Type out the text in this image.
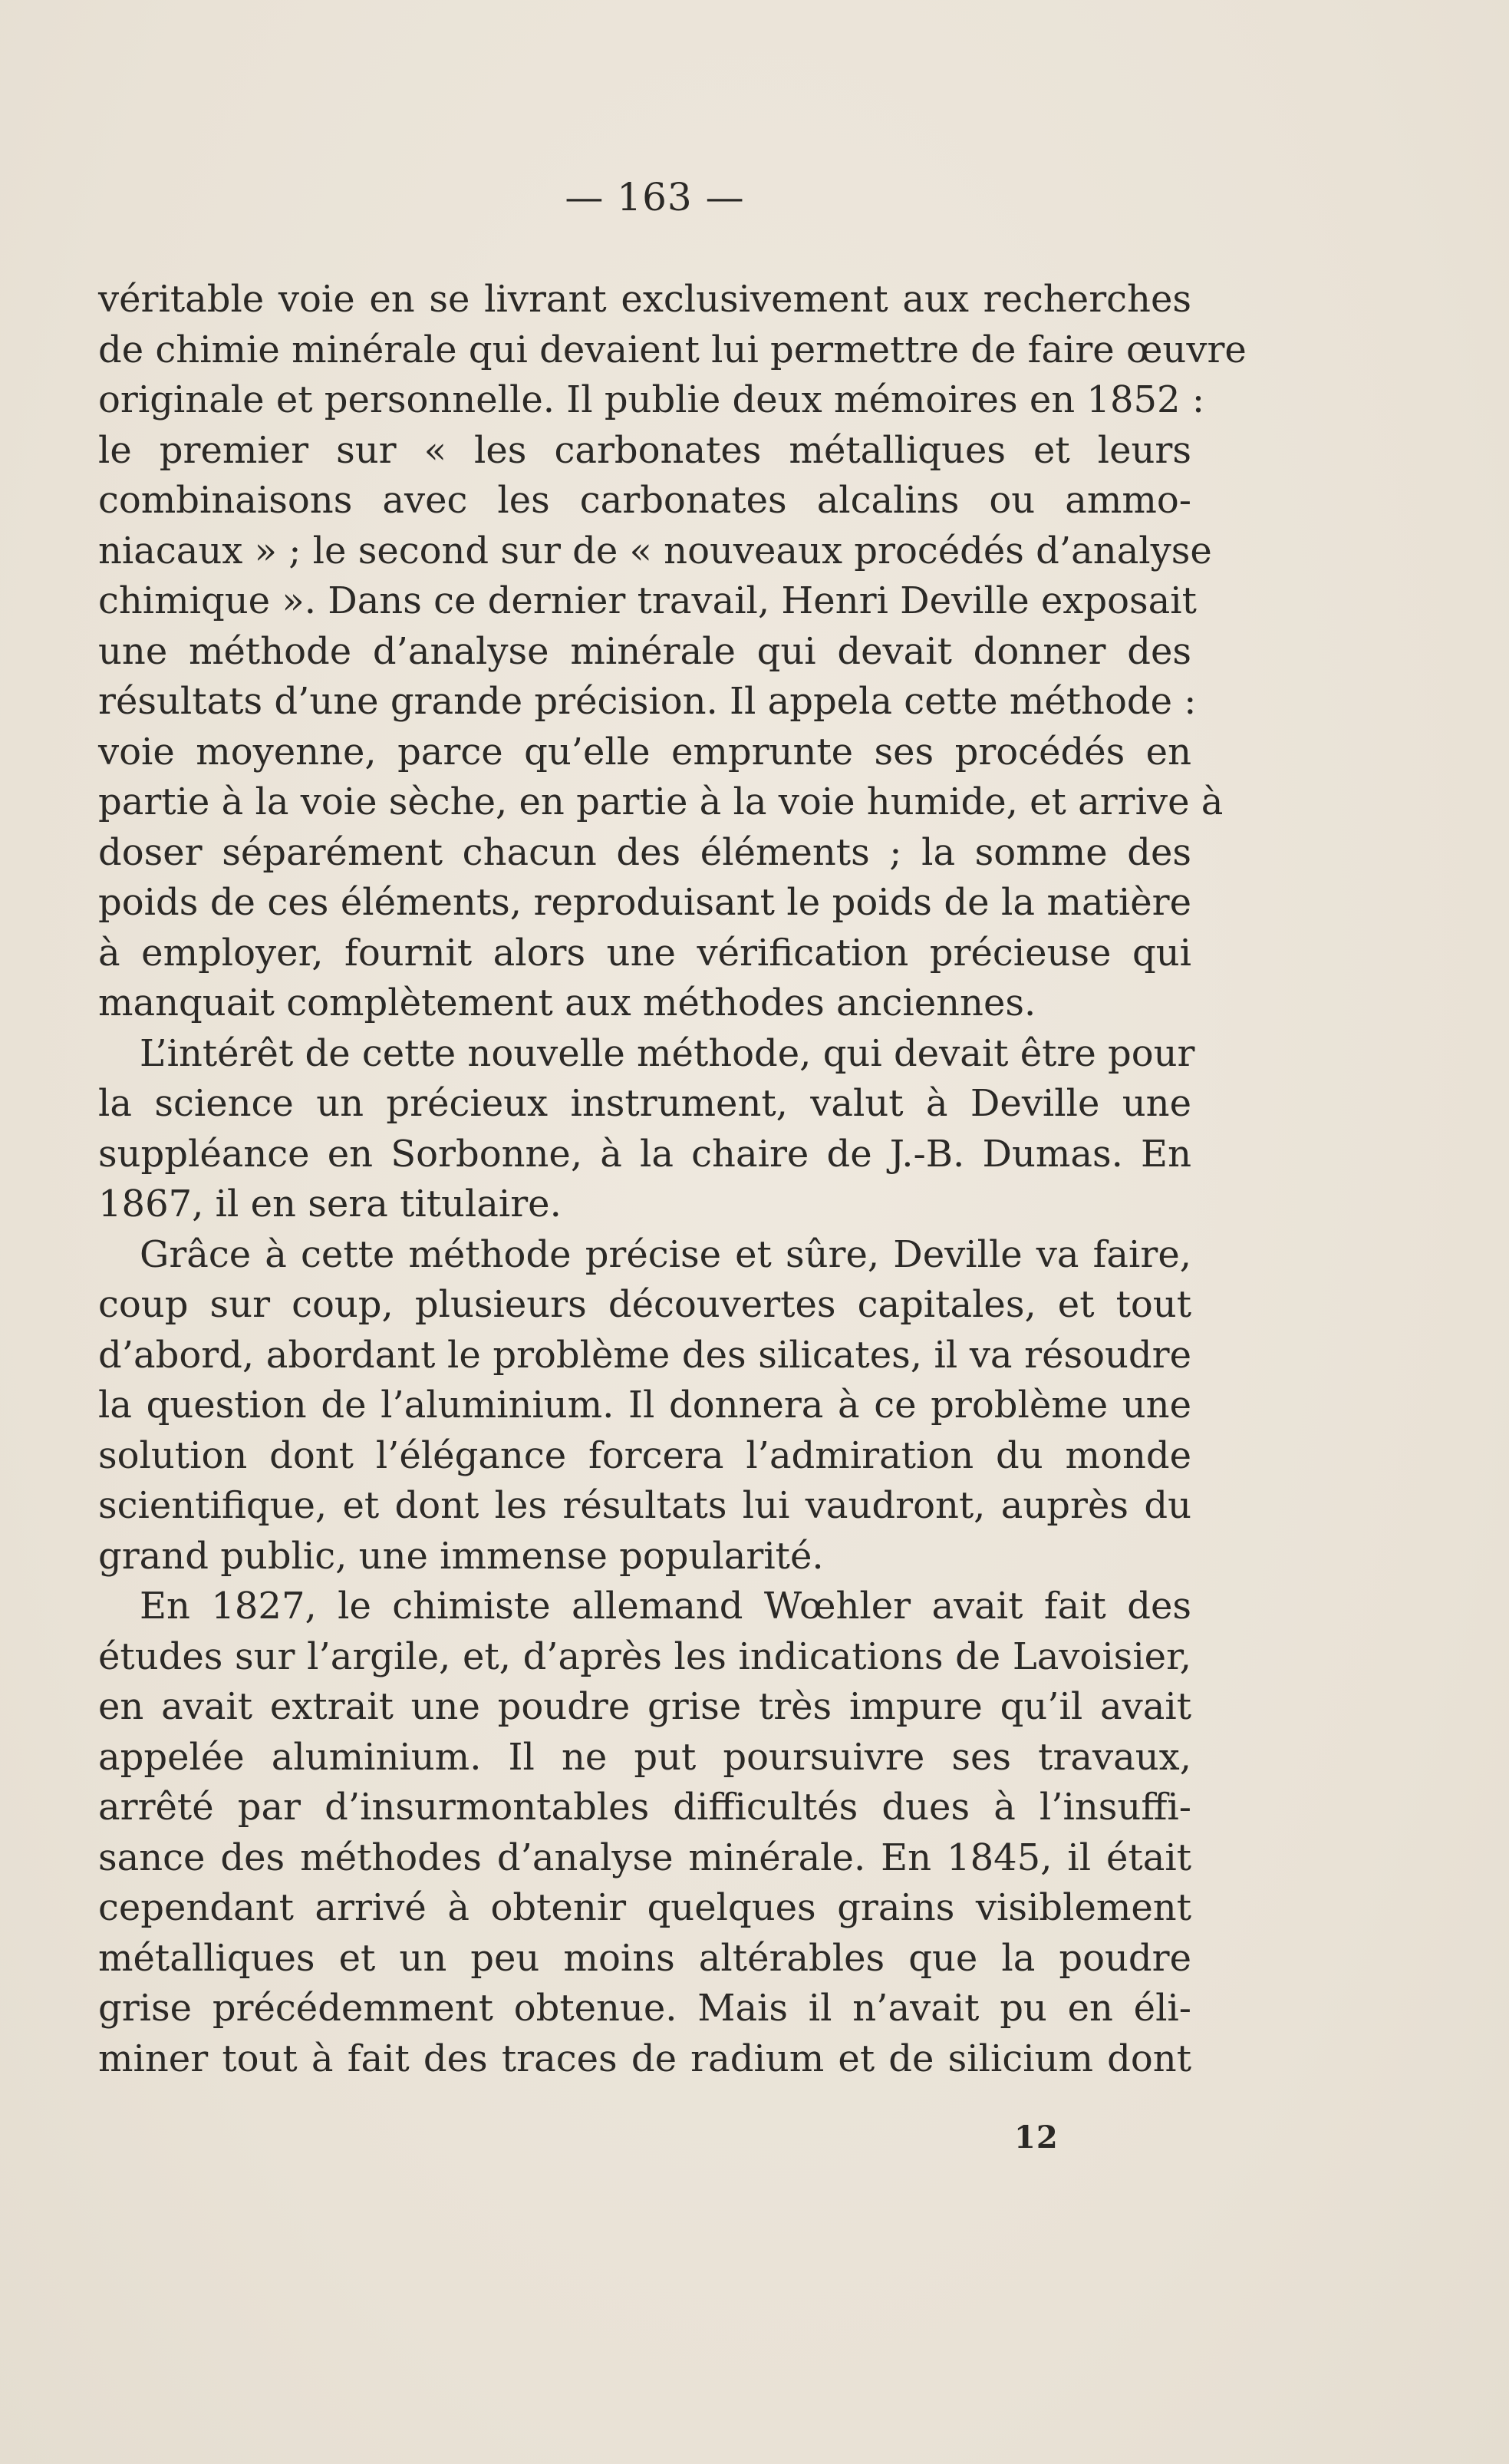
— 163 —
véritable voie en se livrant exclusivement aux recherches
de chimie minérale qui devaient lui permettre de faire œuvre
originale et personnelle. Il publie deux mémoires en 1852 :
le premier sur « les carbonates métalliques et leurs
combinaisons avec les carbonates alcalins ou ammo-
niacaux » ; le second sur de « nouveaux procédés d’analyse
chimique ». Dans ce dernier travail, Henri Deville exposait
une méthode d’analyse minérale qui devait donner des
résultats d’une grande précision. Il appela cette méthode :
voie moyenne, parce qu’elle emprunte ses procédés en
partie à la voie sèche, en partie à la voie humide, et arrive à
doser séparément chacun des éléments ; la somme des
poids de ces éléments, reproduisant le poids de la matière
à employer, fournit alors une vérification précieuse qui
manquait complètement aux méthodes anciennes.
L’intérêt de cette nouvelle méthode, qui devait être pour
la science un précieux instrument, valut à Deville une
suppléance en Sorbonne, à la chaire de J.-B. Dumas. En
1867, il en sera titulaire.
Grâce à cette méthode précise et sûre, Deville va faire,
coup sur coup, plusieurs découvertes capitales, et tout
d’abord, abordant le problème des silicates, il va résoudre
la question de l’aluminium. Il donnera à ce problème une
solution dont l’élégance forcera l’admiration du monde
scientifique, et dont les résultats lui vaudront, auprès du
grand public, une immense popularité.
En 1827, le chimiste allemand Wœhler avait fait des
études sur l’argile, et, d’après les indications de Lavoisier,
en avait extrait une poudre grise très impure qu’il avait
appelée aluminium. Il ne put poursuivre ses travaux,
arrêté par d’insurmontables difficultés dues à l’insuffi-
sance des méthodes d’analyse minérale. En 1845, il était
cependant arrivé à obtenir quelques grains visiblement
métalliques et un peu moins altérables que la poudre
grise précédemment obtenue. Mais il n’avait pu en éli-
miner tout à fait des traces de radium et de silicium dont
12
